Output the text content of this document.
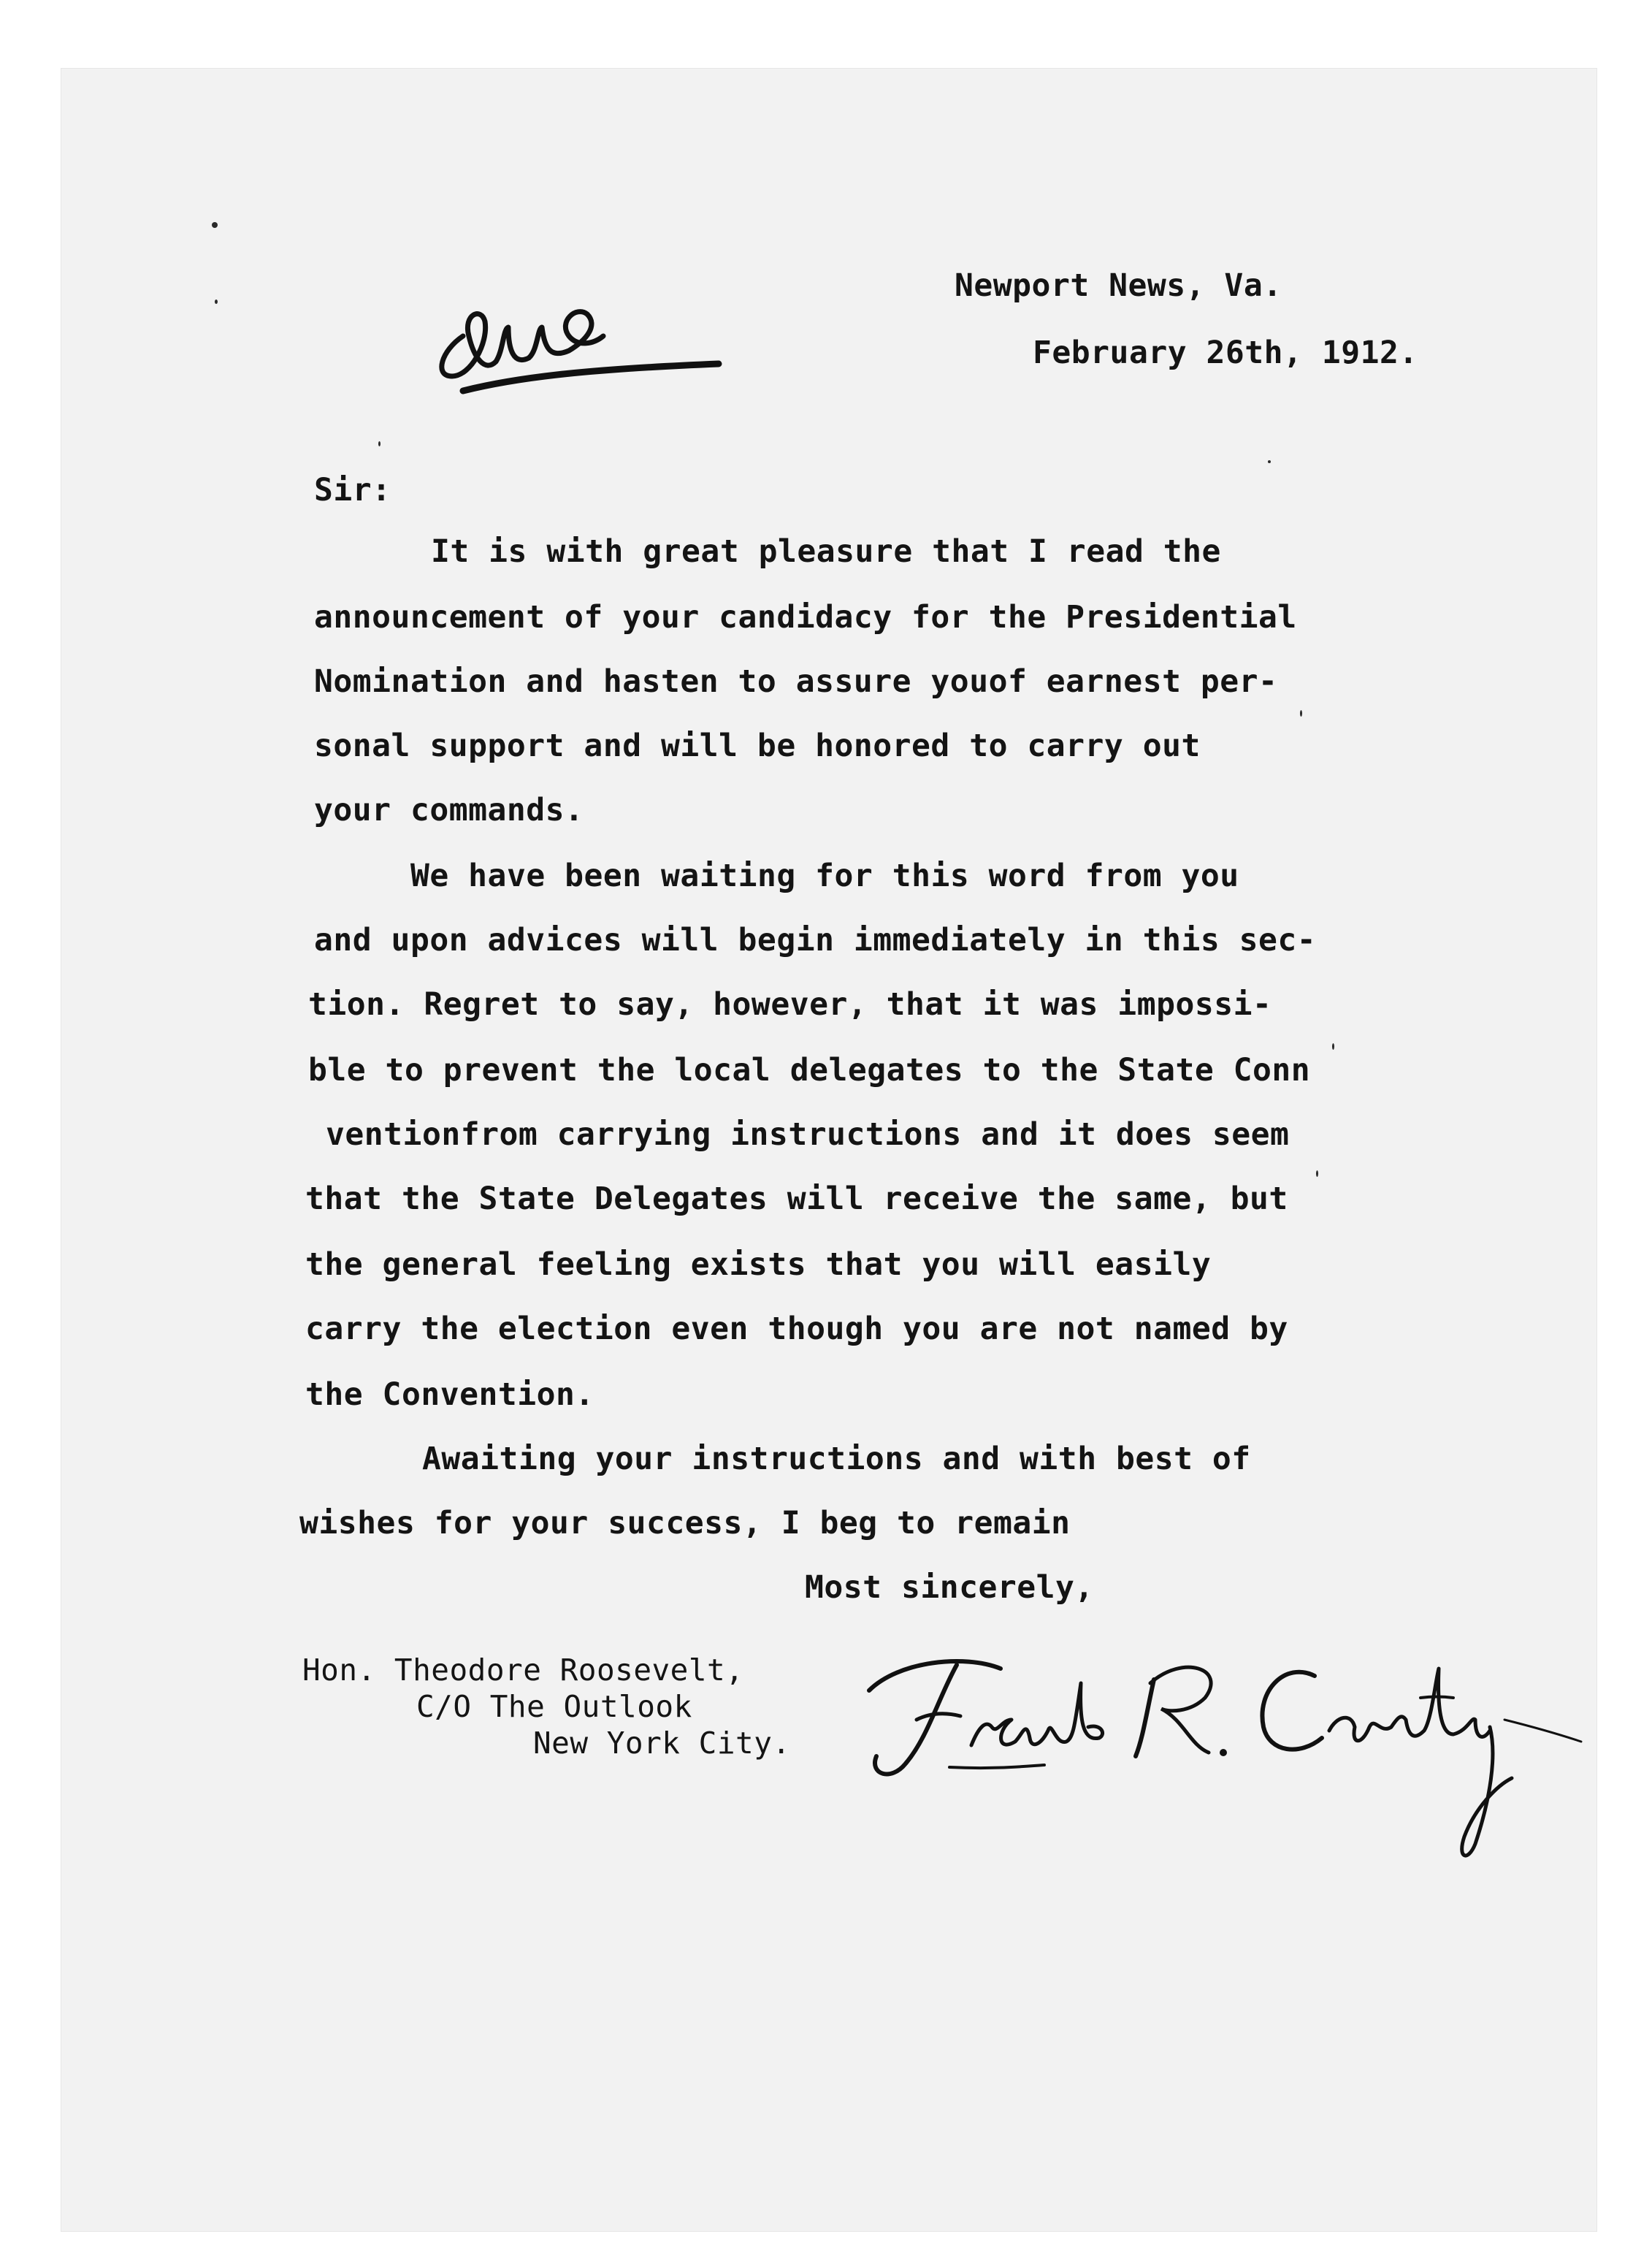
Newport News, Va.
February 26th, 1912.
Sir:
It is with great pleasure that I read the
announcement of your candidacy for the Presidential
Nomination and hasten to assure youof earnest per-
sonal support and will be honored to carry out
your commands.
We have been waiting for this word from you
and upon advices will begin immediately in this sec-
tion. Regret to say, however, that it was impossi-
ble to prevent the local delegates to the State Conn
ventionfrom carrying instructions and it does seem
that the State Delegates will receive the same, but
the general feeling exists that you will easily
carry the election even though you are not named by
the Convention.
Awaiting your instructions and with best of
wishes for your success, I beg to remain
Most sincerely,
Hon. Theodore Roosevelt,
C/O The Outlook
New York City.
